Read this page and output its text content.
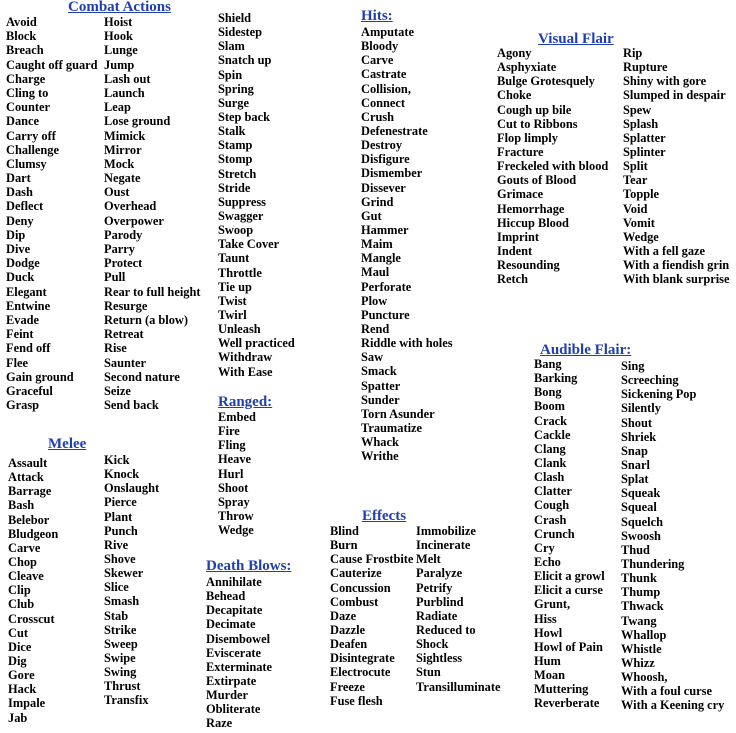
Combat Actions
Avoid
Block
Breach
Caught off guard
Charge
Cling to
Counter
Dance
Carry off
Challenge
Clumsy
Dart
Dash
Deflect
Deny
Dip
Dive
Dodge
Duck
Elegant
Entwine
Evade
Feint
Fend off
Flee
Gain ground
Graceful
Grasp
Hoist
Hook
Lunge
Jump
Lash out
Launch
Leap
Lose ground
Mimick
Mirror
Mock
Negate
Oust
Overhead
Overpower
Parody
Parry
Protect
Pull
Rear to full height
Resurge
Return (a blow)
Retreat
Rise
Saunter
Second nature
Seize
Send back
Shield
Sidestep
Slam
Snatch up
Spin
Spring
Surge
Step back
Stalk
Stamp
Stomp
Stretch
Stride
Suppress
Swagger
Swoop
Take Cover
Taunt
Throttle
Tie up
Twist
Twirl
Unleash
Well practiced
Withdraw
With Ease
Melee
Assault
Attack
Barrage
Bash
Belebor
Bludgeon
Carve
Chop
Cleave
Clip
Club
Crosscut
Cut
Dice
Dig
Gore
Hack
Impale
Jab
Kick
Knock
Onslaught
Pierce
Plant
Punch
Rive
Shove
Skewer
Slice
Smash
Stab
Strike
Sweep
Swipe
Swing
Thrust
Transfix
Ranged:
Embed
Fire
Fling
Heave
Hurl
Shoot
Spray
Throw
Wedge
Death Blows:
Annihilate
Behead
Decapitate
Decimate
Disembowel
Eviscerate
Exterminate
Extirpate
Murder
Obliterate
Raze
Hits:
Amputate
Bloody
Carve
Castrate
Collision,
Connect
Crush
Defenestrate
Destroy
Disfigure
Dismember
Dissever
Grind
Gut
Hammer
Maim
Mangle
Maul
Perforate
Plow
Puncture
Rend
Riddle with holes
Saw
Smack
Spatter
Sunder
Torn Asunder
Traumatize
Whack
Writhe
Effects
Blind
Burn
Cause Frostbite
Cauterize
Concussion
Combust
Daze
Dazzle
Deafen
Disintegrate
Electrocute
Freeze
Fuse flesh
Immobilize
Incinerate
Melt
Paralyze
Petrify
Purblind
Radiate
Reduced to
Shock
Sightless
Stun
Transilluminate
Visual Flair
Agony
Asphyxiate
Bulge Grotesquely
Choke
Cough up bile
Cut to Ribbons
Flop limply
Fracture
Freckeled with blood
Gouts of Blood
Grimace
Hemorrhage
Hiccup Blood
Imprint
Indent
Resounding
Retch
Rip
Rupture
Shiny with gore
Slumped in despair
Spew
Splash
Splatter
Splinter
Split
Tear
Topple
Void
Vomit
Wedge
With a fell gaze
With a fiendish grin
With blank surprise
Audible Flair:
Bang
Barking
Bong
Boom
Crack
Cackle
Clang
Clank
Clash
Clatter
Cough
Crash
Crunch
Cry
Echo
Elicit a growl
Elicit a curse
Grunt,
Hiss
Howl
Howl of Pain
Hum
Moan
Muttering
Reverberate
Sing
Screeching
Sickening Pop
Silently
Shout
Shriek
Snap
Snarl
Splat
Squeak
Squeal
Squelch
Swoosh
Thud
Thundering
Thunk
Thump
Thwack
Twang
Whallop
Whistle
Whizz
Whoosh,
With a foul curse
With a Keening cry
